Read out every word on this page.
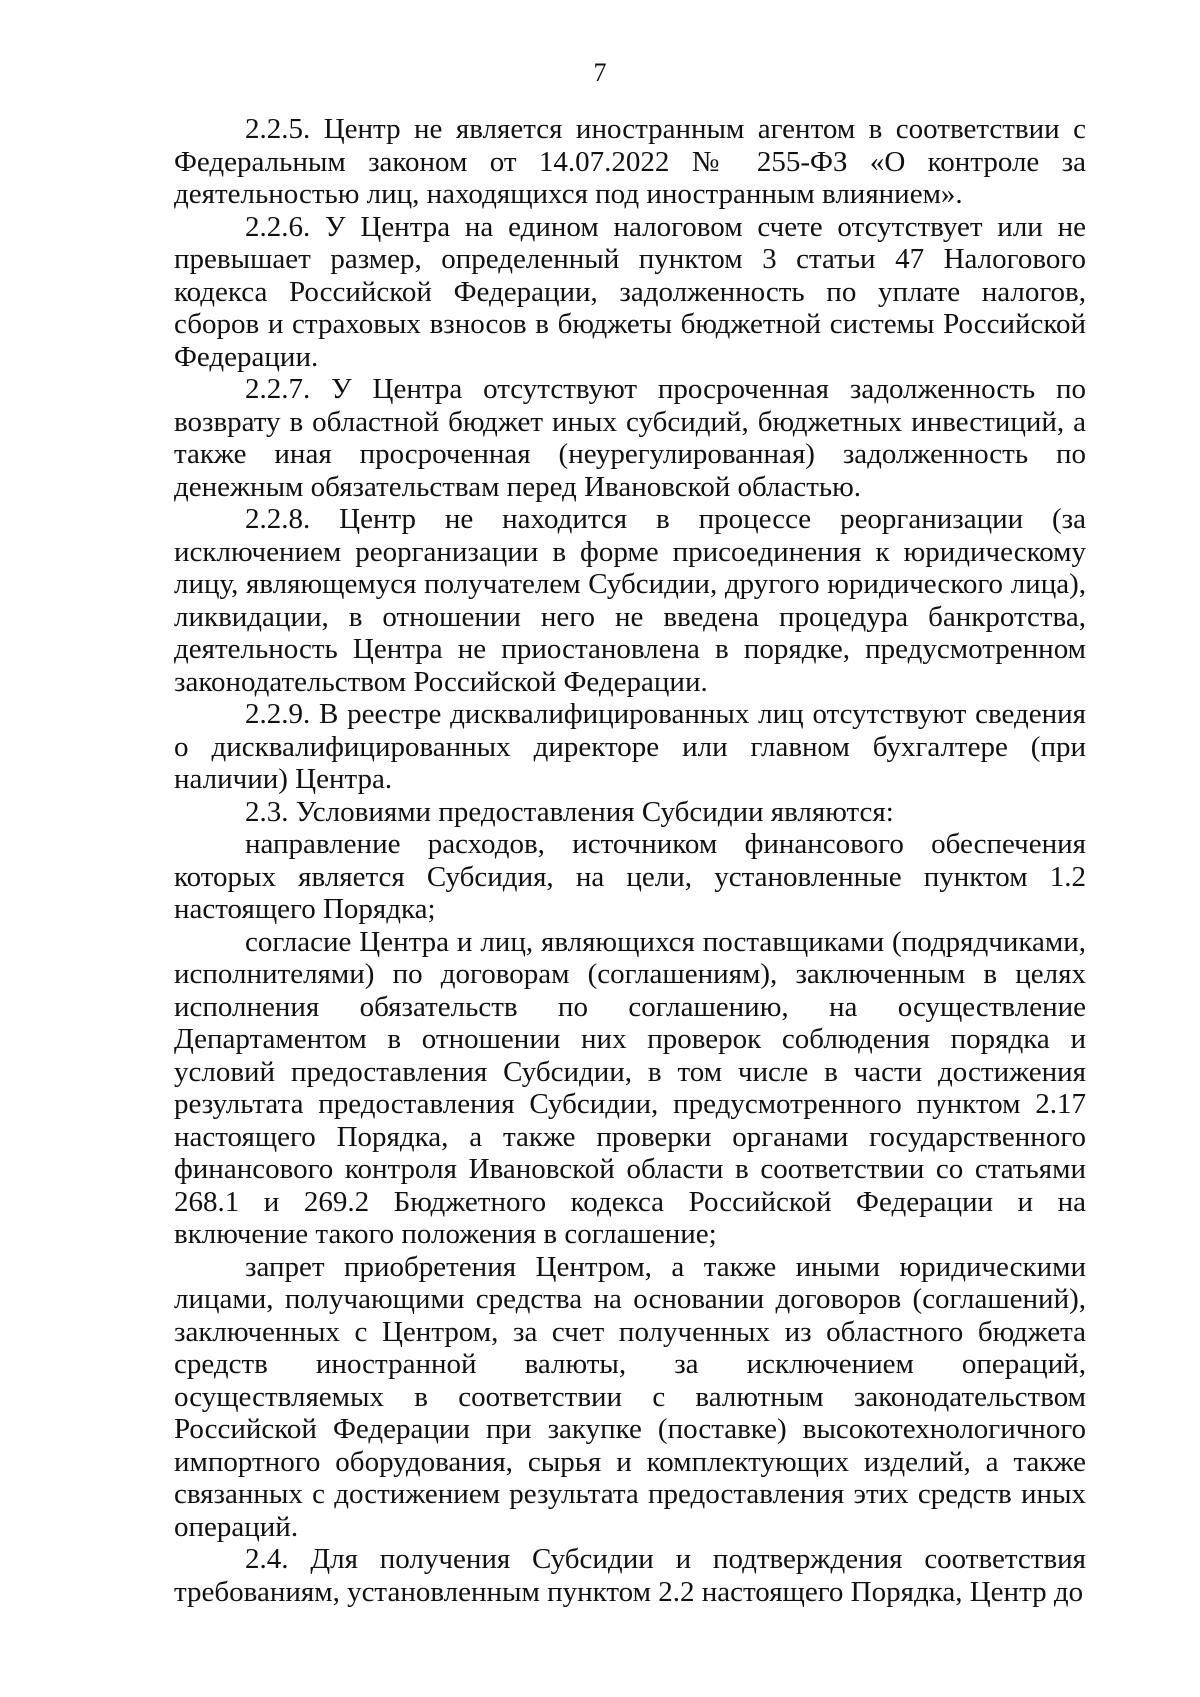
7

2.2.5. Центр не является иностранным агентом в соответствии с Федеральным законом от 14.07.2022 № 255-ФЗ «О контроле за деятельностью лиц, находящихся под иностранным влиянием».

2.2.6. У Центра на едином налоговом счете отсутствует или не превышает размер, определенный пунктом 3 статьи 47 Налогового кодекса Российской Федерации, задолженность по уплате налогов, сборов и страховых взносов в бюджеты бюджетной системы Российской Федерации.

2.2.7. У Центра отсутствуют просроченная задолженность по возврату в областной бюджет иных субсидий, бюджетных инвестиций, а также иная просроченная (неурегулированная) задолженность по денежным обязательствам перед Ивановской областью.

2.2.8. Центр не находится в процессе реорганизации (за исключением реорганизации в форме присоединения к юридическому лицу, являющемуся получателем Субсидии, другого юридического лица), ликвидации, в отношении него не введена процедура банкротства, деятельность Центра не приостановлена в порядке, предусмотренном законодательством Российской Федерации.

2.2.9. В реестре дисквалифицированных лиц отсутствуют сведения о дисквалифицированных директоре или главном бухгалтере (при наличии) Центра.

2.3. Условиями предоставления Субсидии являются:

направление расходов, источником финансового обеспечения которых является Субсидия, на цели, установленные пунктом 1.2 настоящего Порядка;

согласие Центра и лиц, являющихся поставщиками (подрядчиками, исполнителями) по договорам (соглашениям), заключенным в целях исполнения обязательств по соглашению, на осуществление Департаментом в отношении них проверок соблюдения порядка и условий предоставления Субсидии, в том числе в части достижения результата предоставления Субсидии, предусмотренного пунктом 2.17 настоящего Порядка, а также проверки органами государственного финансового контроля Ивановской области в соответствии со статьями 268.1 и 269.2 Бюджетного кодекса Российской Федерации и на включение такого положения в соглашение;

запрет приобретения Центром, а также иными юридическими лицами, получающими средства на основании договоров (соглашений), заключенных с Центром, за счет полученных из областного бюджета средств иностранной валюты, за исключением операций, осуществляемых в соответствии с валютным законодательством Российской Федерации при закупке (поставке) высокотехнологичного импортного оборудования, сырья и комплектующих изделий, а также связанных с достижением результата предоставления этих средств иных операций.

2.4. Для получения Субсидии и подтверждения соответствия требованиям, установленным пунктом 2.2 настоящего Порядка, Центр до
